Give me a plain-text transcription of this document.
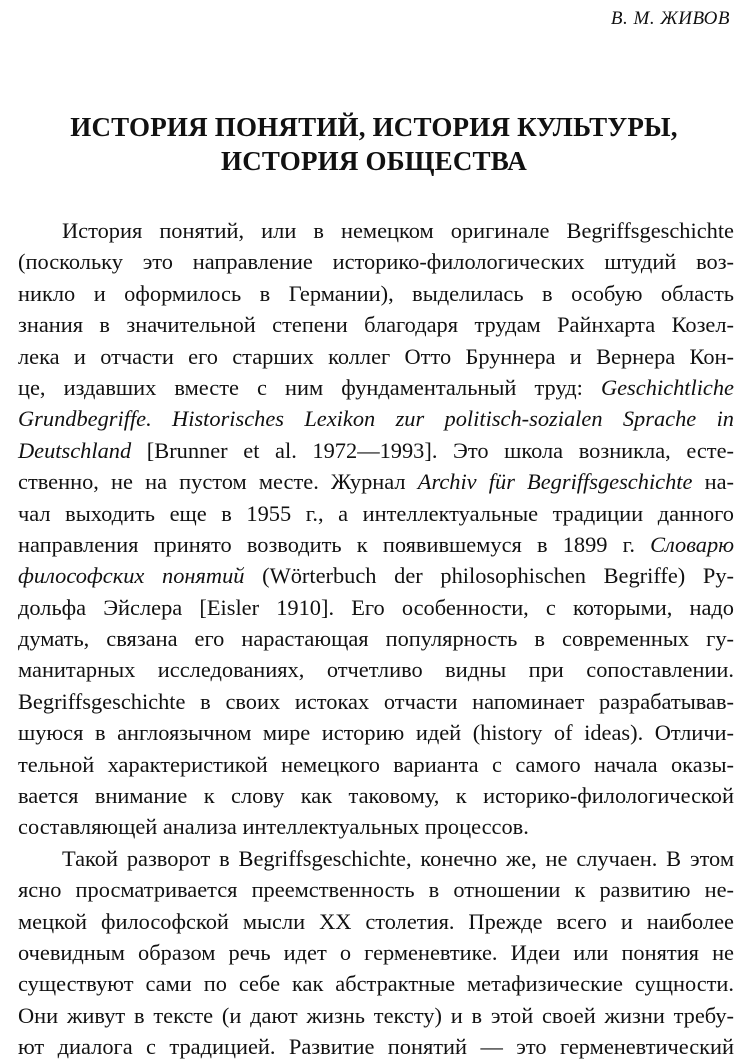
В. М. ЖИВОВ
ИСТОРИЯ ПОНЯТИЙ, ИСТОРИЯ КУЛЬТУРЫ,
ИСТОРИЯ ОБЩЕСТВА
История понятий, или в немецком оригинале Begriffsgeschichte
(поскольку это направление историко-филологических штудий воз-
никло и оформилось в Германии), выделилась в особую область
знания в значительной степени благодаря трудам Райнхарта Козел-
лека и отчасти его старших коллег Отто Бруннера и Вернера Кон-
це, издавших вместе с ним фундаментальный труд: Geschichtliche
Grundbegriffe. Historisches Lexikon zur politisch-sozialen Sprache in
Deutschland [Brunner et al. 1972—1993]. Это школа возникла, есте-
ственно, не на пустом месте. Журнал Archiv für Begriffsgeschichte на-
чал выходить еще в 1955 г., а интеллектуальные традиции данного
направления принято возводить к появившемуся в 1899 г. Словарю
философских понятий (Wörterbuch der philosophischen Begriffe) Ру-
дольфа Эйслера [Eisler 1910]. Его особенности, с которыми, надо
думать, связана его нарастающая популярность в современных гу-
манитарных исследованиях, отчетливо видны при сопоставлении.
Begriffsgeschichte в своих истоках отчасти напоминает разрабатывав-
шуюся в англоязычном мире историю идей (history of ideas). Отличи-
тельной характеристикой немецкого варианта с самого начала оказы-
вается внимание к слову как таковому, к историко-филологической
составляющей анализа интеллектуальных процессов.
Такой разворот в Begriffsgeschichte, конечно же, не случаен. В этом
ясно просматривается преемственность в отношении к развитию не-
мецкой философской мысли XX столетия. Прежде всего и наиболее
очевидным образом речь идет о герменевтике. Идеи или понятия не
существуют сами по себе как абстрактные метафизические сущности.
Они живут в тексте (и дают жизнь тексту) и в этой своей жизни требу-
ют диалога с традицией. Развитие понятий — это герменевтический
